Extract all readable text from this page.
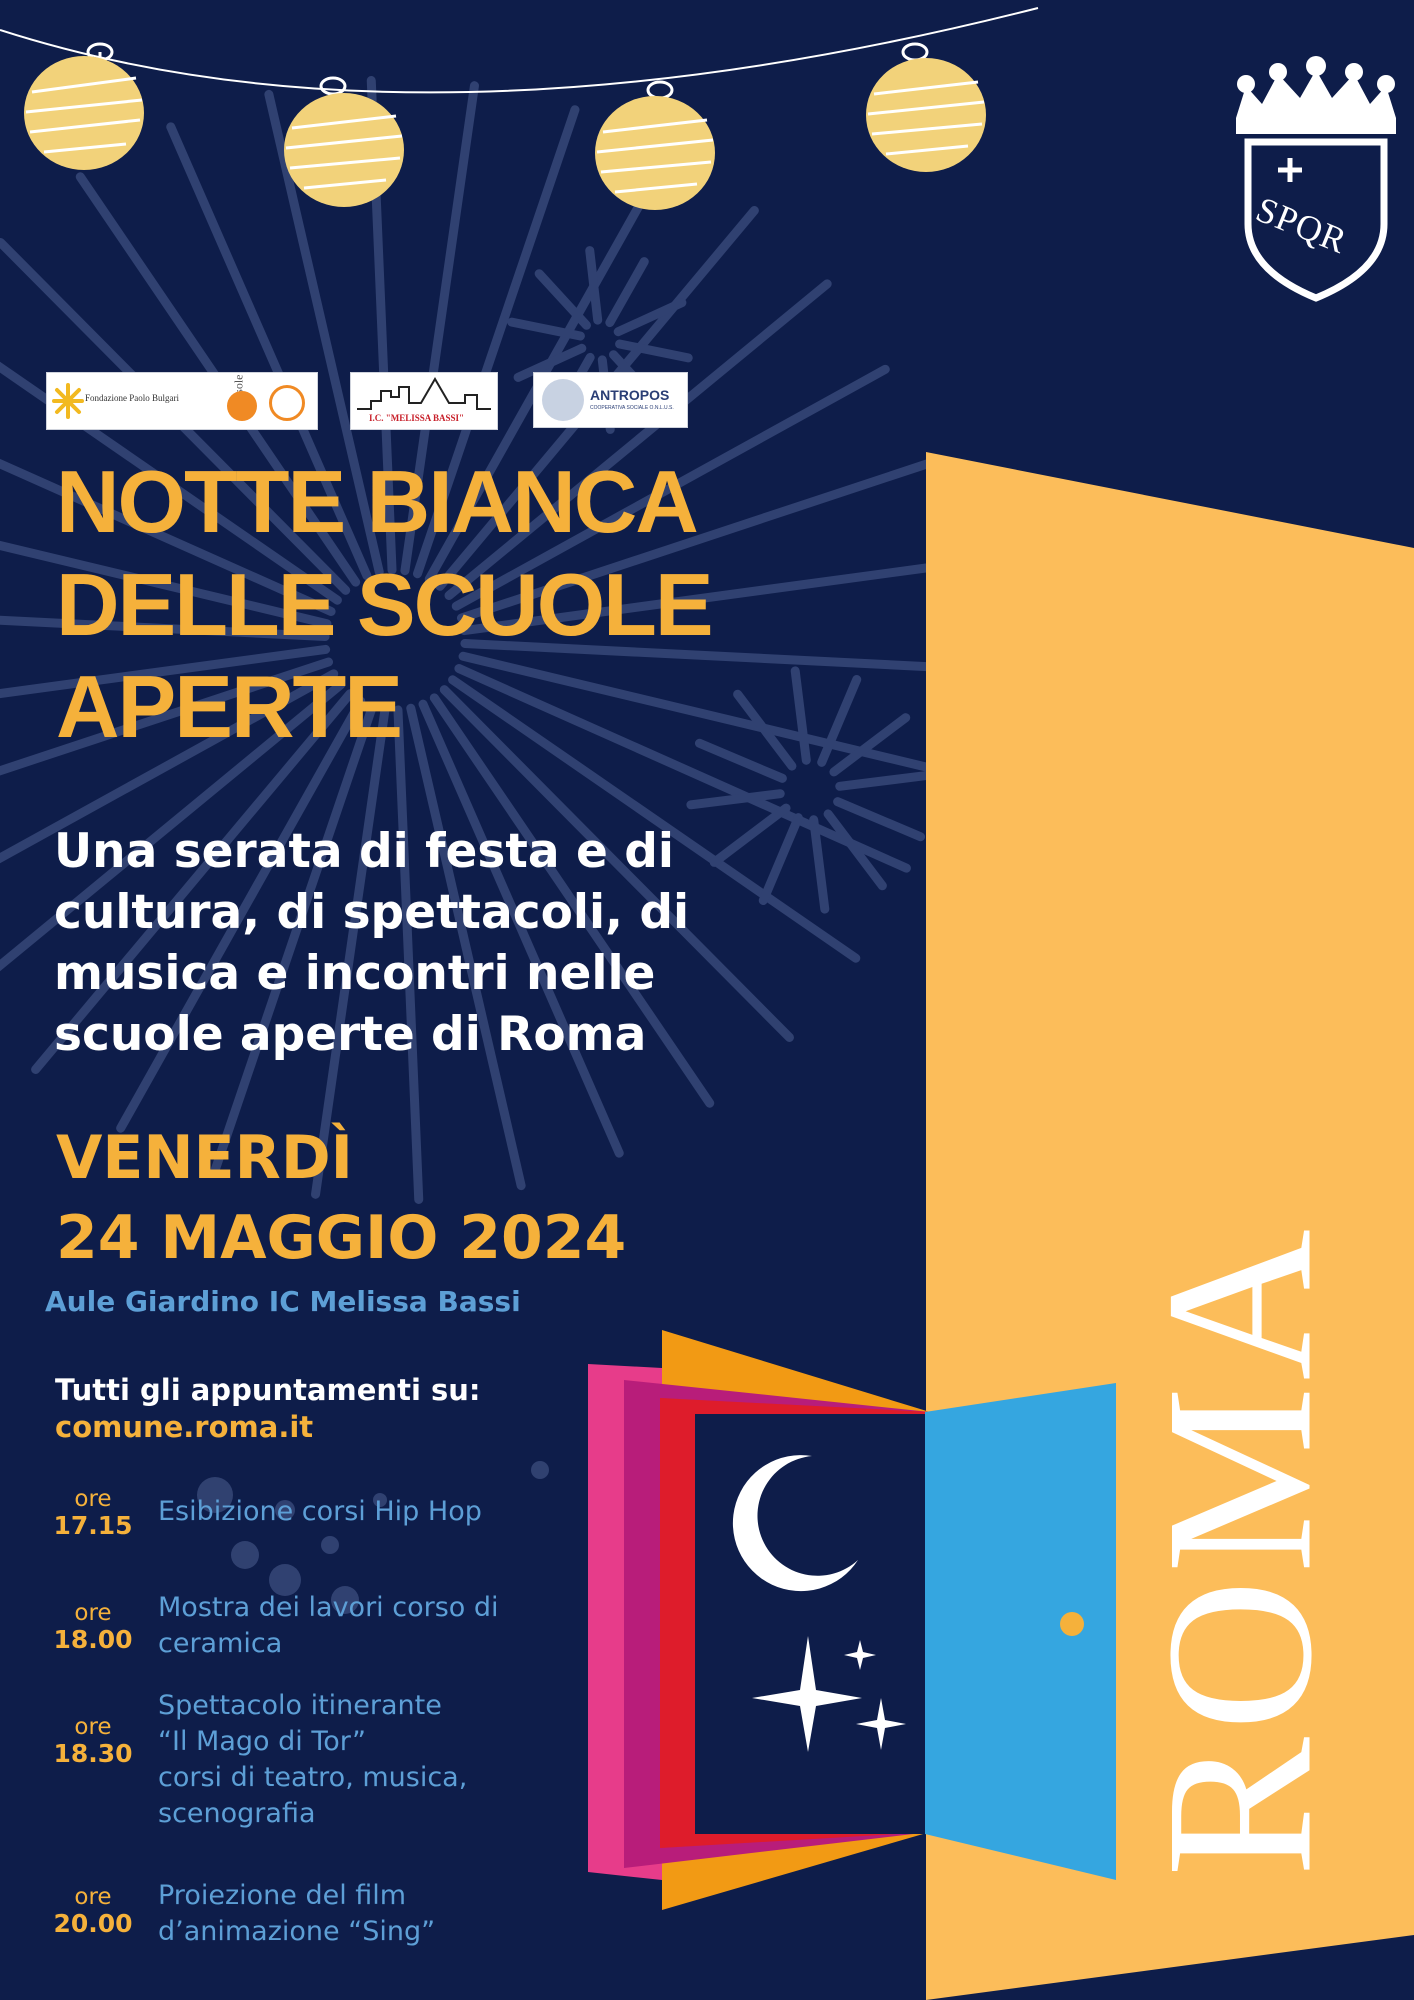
SPQR
Fondazione Paolo Bulgari
I.C. "MELISSA BASSI"
ANTROPOS
COOPERATIVA SOCIALE O.N.L.U.S.
NOTTE BIANCA
DELLE SCUOLE
APERTE
Una serata di festa e di
cultura, di spettacoli, di
musica e incontri nelle
scuole aperte di Roma
VENERDÌ
24 MAGGIO 2024
Aule Giardino IC Melissa Bassi
Tutti gli appuntamenti su:
comune.roma.it
ore
17.15 Esibizione corsi Hip Hop
ore
18.00
Mostra dei lavori corso di
ceramica
ore
18.30
Spettacolo itinerante
“Il Mago di Tor”
corsi di teatro, musica,
scenografia
ore
20.00
Proiezione del film
d’animazione “Sing”
ROMA
